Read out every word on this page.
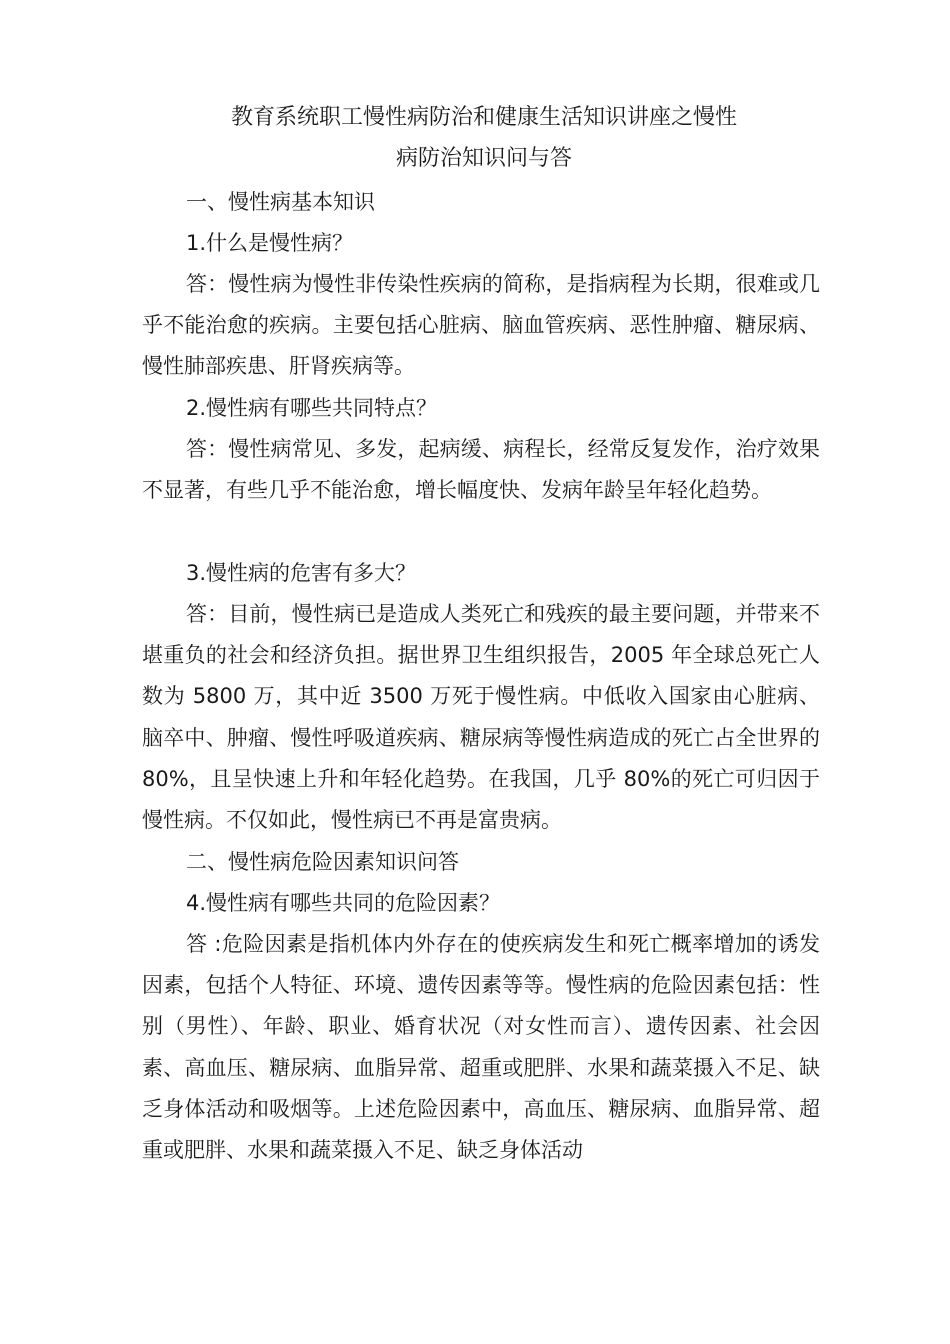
教育系统职工慢性病防治和健康生活知识讲座之慢性
病防治知识问与答
一、慢性病基本知识
1.什么是慢性病？
答：慢性病为慢性非传染性疾病的简称，是指病程为长期，很难或几乎不能治愈的疾病。主要包括心脏病、脑血管疾病、恶性肿瘤、糖尿病、慢性肺部疾患、肝肾疾病等。
2.慢性病有哪些共同特点？
答：慢性病常见、多发，起病缓、病程长，经常反复发作，治疗效果不显著，有些几乎不能治愈，增长幅度快、发病年龄呈年轻化趋势。
3.慢性病的危害有多大？
答：目前，慢性病已是造成人类死亡和残疾的最主要问题，并带来不堪重负的社会和经济负担。据世界卫生组织报告，2005 年全球总死亡人数为 5800 万，其中近 3500 万死于慢性病。中低收入国家由心脏病、脑卒中、肿瘤、慢性呼吸道疾病、糖尿病等慢性病造成的死亡占全世界的 80%，且呈快速上升和年轻化趋势。在我国，几乎 80%的死亡可归因于慢性病。不仅如此，慢性病已不再是富贵病。
二、慢性病危险因素知识问答
4.慢性病有哪些共同的危险因素？
答 :危险因素是指机体内外存在的使疾病发生和死亡概率增加的诱发因素，包括个人特征、环境、遗传因素等等。慢性病的危险因素包括：性别（男性）、年龄、职业、婚育状况（对女性而言）、遗传因素、社会因素、高血压、糖尿病、血脂异常、超重或肥胖、水果和蔬菜摄入不足、缺乏身体活动和吸烟等。上述危险因素中，高血压、糖尿病、血脂异常、超重或肥胖、水果和蔬菜摄入不足、缺乏身体活动
